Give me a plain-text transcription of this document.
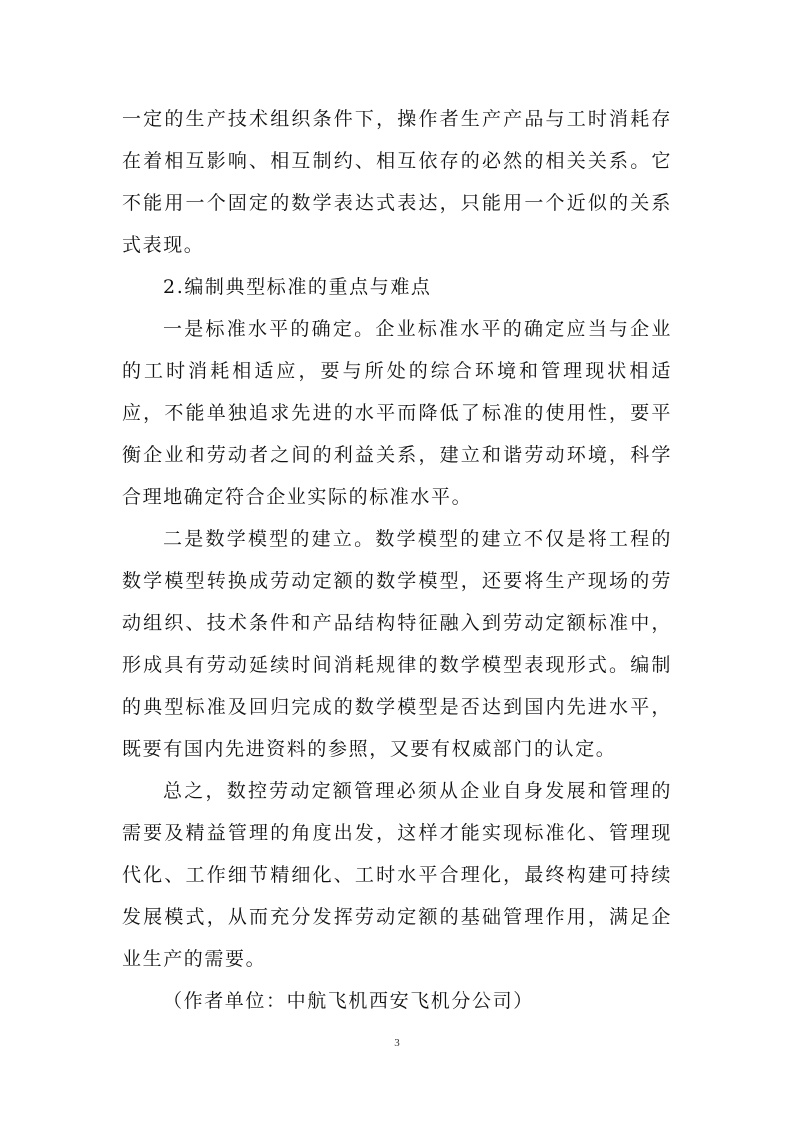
一定的生产技术组织条件下，操作者生产产品与工时消耗存在着相互影响、相互制约、相互依存的必然的相关关系。它不能用一个固定的数学表达式表达，只能用一个近似的关系式表现。

2.编制典型标准的重点与难点

一是标准水平的确定。企业标准水平的确定应当与企业的工时消耗相适应，要与所处的综合环境和管理现状相适应，不能单独追求先进的水平而降低了标准的使用性，要平衡企业和劳动者之间的利益关系，建立和谐劳动环境，科学合理地确定符合企业实际的标准水平。

二是数学模型的建立。数学模型的建立不仅是将工程的数学模型转换成劳动定额的数学模型，还要将生产现场的劳动组织、技术条件和产品结构特征融入到劳动定额标准中，形成具有劳动延续时间消耗规律的数学模型表现形式。编制的典型标准及回归完成的数学模型是否达到国内先进水平，既要有国内先进资料的参照，又要有权威部门的认定。

总之，数控劳动定额管理必须从企业自身发展和管理的需要及精益管理的角度出发，这样才能实现标准化、管理现代化、工作细节精细化、工时水平合理化，最终构建可持续发展模式，从而充分发挥劳动定额的基础管理作用，满足企业生产的需要。

（作者单位：中航飞机西安飞机分公司）

3
